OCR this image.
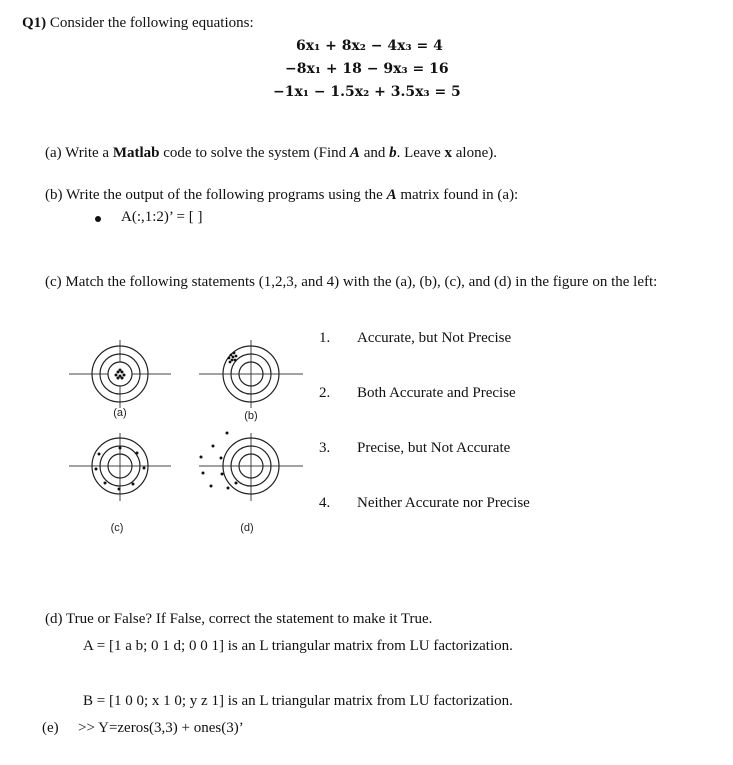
Q1) Consider the following equations:
6x₁ + 8x₂ − 4x₃ = 4
−8x₁ + 18 − 9x₃ = 16
−1x₁ − 1.5x₂ + 3.5x₃ = 5
(a) Write a Matlab code to solve the system (Find A and b. Leave x alone).
(b) Write the output of the following programs using the A matrix found in (a):
A(:,1:2)’ = [ ]
(c) Match the following statements (1,2,3, and 4) with the (a), (b), (c), and (d) in the figure on the left:
(a)	(b)
(c)	(d)
1. Accurate, but Not Precise
2. Both Accurate and Precise
3. Precise, but Not Accurate
4. Neither Accurate nor Precise
(d) True or False? If False, correct the statement to make it True.
A = [1 a b; 0 1 d; 0 0 1] is an L triangular matrix from LU factorization.
B = [1 0 0; x 1 0; y z 1] is an L triangular matrix from LU factorization.
(e) >> Y=zeros(3,3) + ones(3)’
